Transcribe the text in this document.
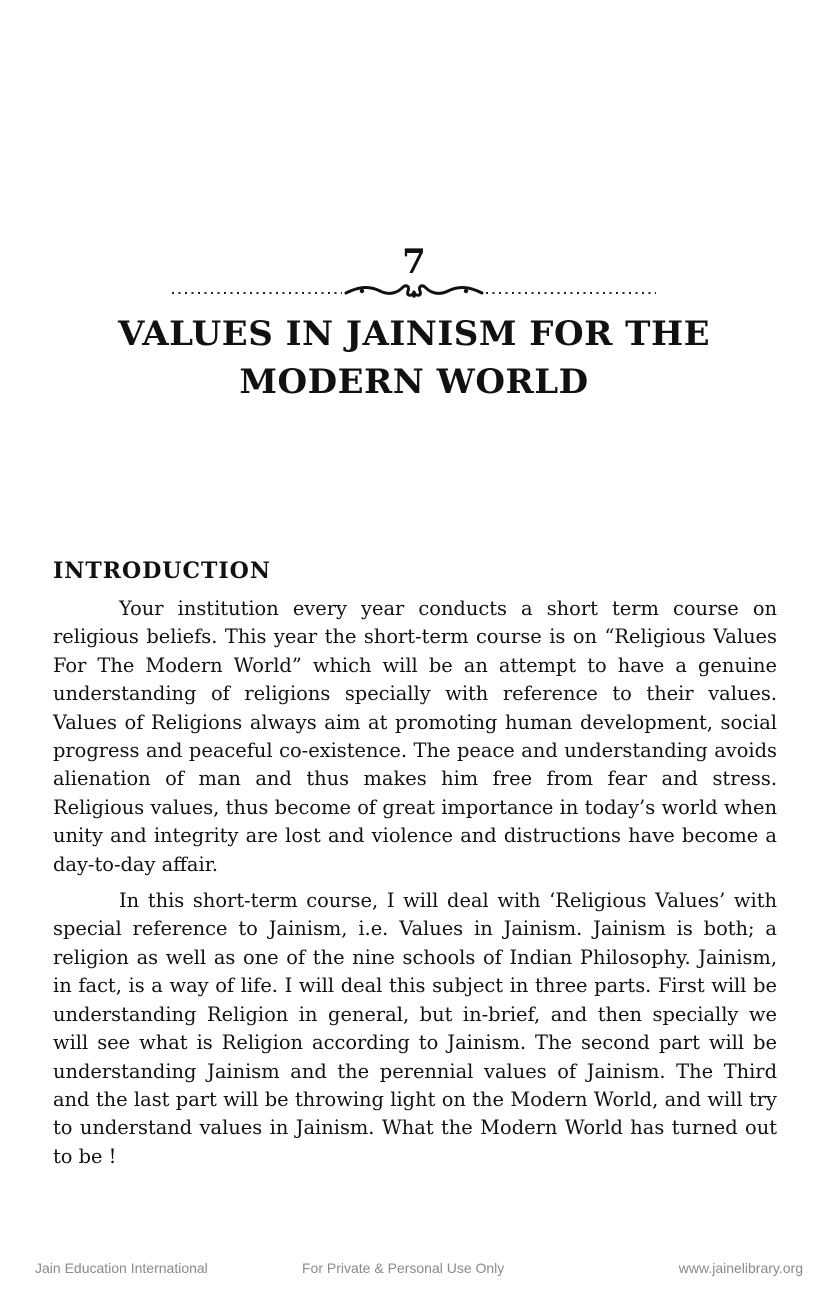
7
VALUES IN JAINISM FOR THE
MODERN WORLD
INTRODUCTION

Your institution every year conducts a short term course on religious beliefs. This year the short-term course is on “Religious Values For The Modern World” which will be an attempt to have a genuine understanding of religions specially with reference to their values. Values of Religions always aim at promoting human development, social progress and peaceful co-existence. The peace and understanding avoids alienation of man and thus makes him free from fear and stress. Religious values, thus become of great importance in today’s world when unity and integrity are lost and violence and distructions have become a day-to-day affair.

In this short-term course, I will deal with ‘Religious Values’ with special reference to Jainism, i.e. Values in Jainism. Jainism is both; a religion as well as one of the nine schools of Indian Philosophy. Jainism, in fact, is a way of life. I will deal this subject in three parts. First will be understanding Religion in general, but in-brief, and then specially we will see what is Religion according to Jainism. The second part will be understanding Jainism and the perennial values of Jainism. The Third and the last part will be throwing light on the Modern World, and will try to understand values in Jainism. What the Modern World has turned out to be !

Jain Education International	For Private & Personal Use Only	www.jainelibrary.org
